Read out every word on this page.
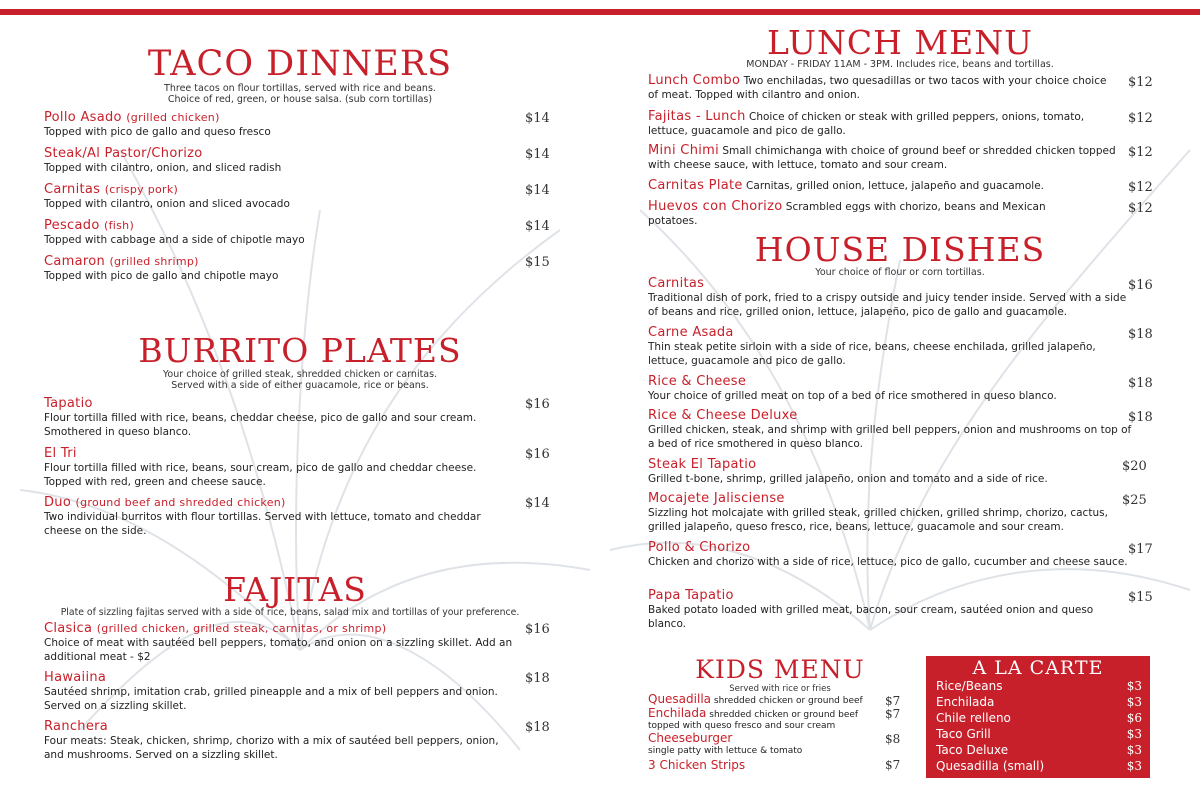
TACO DINNERS
Three tacos on flour tortillas, served with rice and beans.
Choice of red, green, or house salsa. (sub corn tortillas)
Pollo Asado (grilled chicken)
Topped with pico de gallo and queso fresco
$14
Steak/Al Pastor/Chorizo
Topped with cilantro, onion, and sliced radish
$14
Carnitas (crispy pork)
Topped with cilantro, onion and sliced avocado
$14
Pescado (fish)
Topped with cabbage and a side of chipotle mayo
$14
Camaron (grilled shrimp)
Topped with pico de gallo and chipotle mayo
$15
BURRITO PLATES
Your choice of grilled steak, shredded chicken or carnitas.
Served with a side of either guacamole, rice or beans.
Tapatio
Flour tortilla filled with rice, beans, cheddar cheese, pico de gallo and sour cream. Smothered in queso blanco.
$16
El Tri
Flour tortilla filled with rice, beans, sour cream, pico de gallo and cheddar cheese. Topped with red, green and cheese sauce.
$16
Duo (ground beef and shredded chicken)
Two individual burritos with flour tortillas. Served with lettuce, tomato and cheddar cheese on the side.
$14
FAJITAS
Plate of sizzling fajitas served with a side of rice, beans, salad mix and tortillas of your preference.
Clasica (grilled chicken, grilled steak, carnitas, or shrimp)
Choice of meat with sautéed bell peppers, tomato, and onion on a sizzling skillet. Add an additional meat - $2
$16
Hawaiina
Sautéed shrimp, imitation crab, grilled pineapple and a mix of bell peppers and onion. Served on a sizzling skillet.
$18
Ranchera
Four meats: Steak, chicken, shrimp, chorizo with a mix of sautéed bell peppers, onion, and mushrooms. Served on a sizzling skillet.
$18
LUNCH MENU
MONDAY - FRIDAY 11AM - 3PM. Includes rice, beans and tortillas.
Lunch Combo Two enchiladas, two quesadillas or two tacos with your choice choice of meat. Topped with cilantro and onion.
$12
Fajitas - Lunch Choice of chicken or steak with grilled peppers, onions, tomato, lettuce, guacamole and pico de gallo.
$12
Mini Chimi Small chimichanga with choice of ground beef or shredded chicken topped with cheese sauce, with lettuce, tomato and sour cream.
$12
Carnitas Plate Carnitas, grilled onion, lettuce, jalapeño and guacamole.	$12
Huevos con Chorizo Scrambled eggs with chorizo, beans and Mexican potatoes.
$12
HOUSE DISHES
Your choice of flour or corn tortillas.
Carnitas
Traditional dish of pork, fried to a crispy outside and juicy tender inside. Served with a side of beans and rice, grilled onion, lettuce, jalapeño, pico de gallo and guacamole.
$16
Carne Asada
Thin steak petite sirloin with a side of rice, beans, cheese enchilada, grilled jalapeño, lettuce, guacamole and pico de gallo.
$18
Rice & Cheese
Your choice of grilled meat on top of a bed of rice smothered in queso blanco.
$18
Rice & Cheese Deluxe
Grilled chicken, steak, and shrimp with grilled bell peppers, onion and mushrooms on top of a bed of rice smothered in queso blanco.
$18
Steak El Tapatio
Grilled t-bone, shrimp, grilled jalapeño, onion and tomato and a side of rice.
$20
Mocajete Jalisciense
Sizzling hot molcajate with grilled steak, grilled chicken, grilled shrimp, chorizo, cactus, grilled jalapeño, queso fresco, rice, beans, lettuce, guacamole and sour cream.
$25
Pollo & Chorizo
Chicken and chorizo with a side of rice, lettuce, pico de gallo, cucumber and cheese sauce.
$17
Papa Tapatio
Baked potato loaded with grilled meat, bacon, sour cream, sautéed onion and queso blanco.
$15
KIDS MENU
Served with rice or fries
Quesadilla shredded chicken or ground beef	$7
Enchilada shredded chicken or ground beef topped with queso fresco and sour cream
$7
Cheeseburger
single patty with lettuce & tomato
$8
3 Chicken Strips	$7
A LA CARTE
Rice/Beans	$3
Enchilada	$3
Chile relleno	$6
Taco Grill	$3
Taco Deluxe	$3
Quesadilla (small)	$3
